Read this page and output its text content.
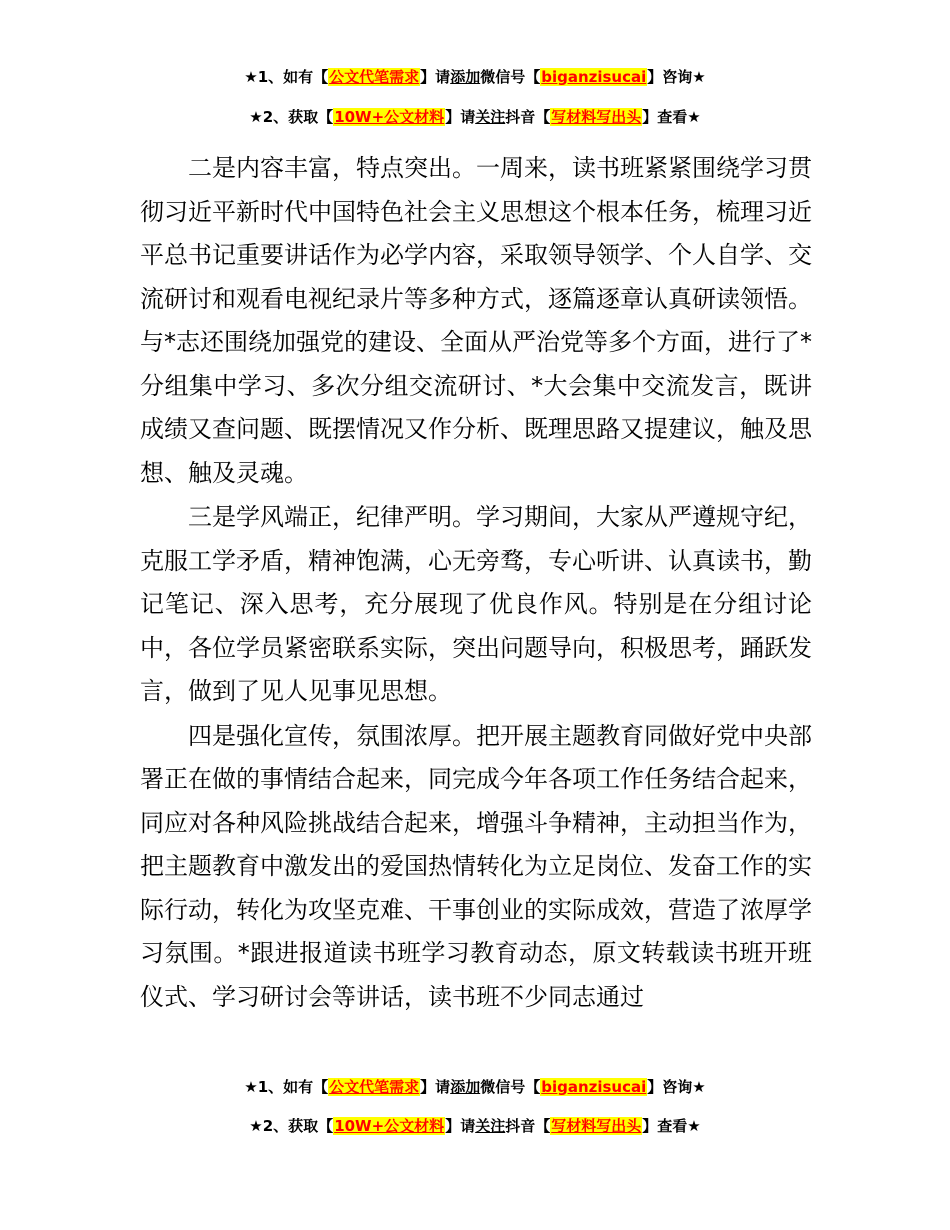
★1、如有【公文代笔需求】请添加微信号【biganzisucai】咨询★
★2、获取【10W+公文材料】请关注抖音【写材料写出头】查看★

二是内容丰富，特点突出。一周来，读书班紧紧围绕学习贯彻习近平新时代中国特色社会主义思想这个根本任务，梳理习近平总书记重要讲话作为必学内容，采取领导领学、个人自学、交流研讨和观看电视纪录片等多种方式，逐篇逐章认真研读领悟。与*志还围绕加强党的建设、全面从严治党等多个方面，进行了*分组集中学习、多次分组交流研讨、*大会集中交流发言，既讲成绩又查问题、既摆情况又作分析、既理思路又提建议，触及思想、触及灵魂。

三是学风端正，纪律严明。学习期间，大家从严遵规守纪，克服工学矛盾，精神饱满，心无旁骛，专心听讲、认真读书，勤记笔记、深入思考，充分展现了优良作风。特别是在分组讨论中，各位学员紧密联系实际，突出问题导向，积极思考，踊跃发言，做到了见人见事见思想。

四是强化宣传，氛围浓厚。把开展主题教育同做好党中央部署正在做的事情结合起来，同完成今年各项工作任务结合起来，同应对各种风险挑战结合起来，增强斗争精神，主动担当作为，把主题教育中激发出的爱国热情转化为立足岗位、发奋工作的实际行动，转化为攻坚克难、干事创业的实际成效，营造了浓厚学习氛围。*跟进报道读书班学习教育动态，原文转载读书班开班仪式、学习研讨会等讲话，读书班不少同志通过

★1、如有【公文代笔需求】请添加微信号【biganzisucai】咨询★
★2、获取【10W+公文材料】请关注抖音【写材料写出头】查看★
